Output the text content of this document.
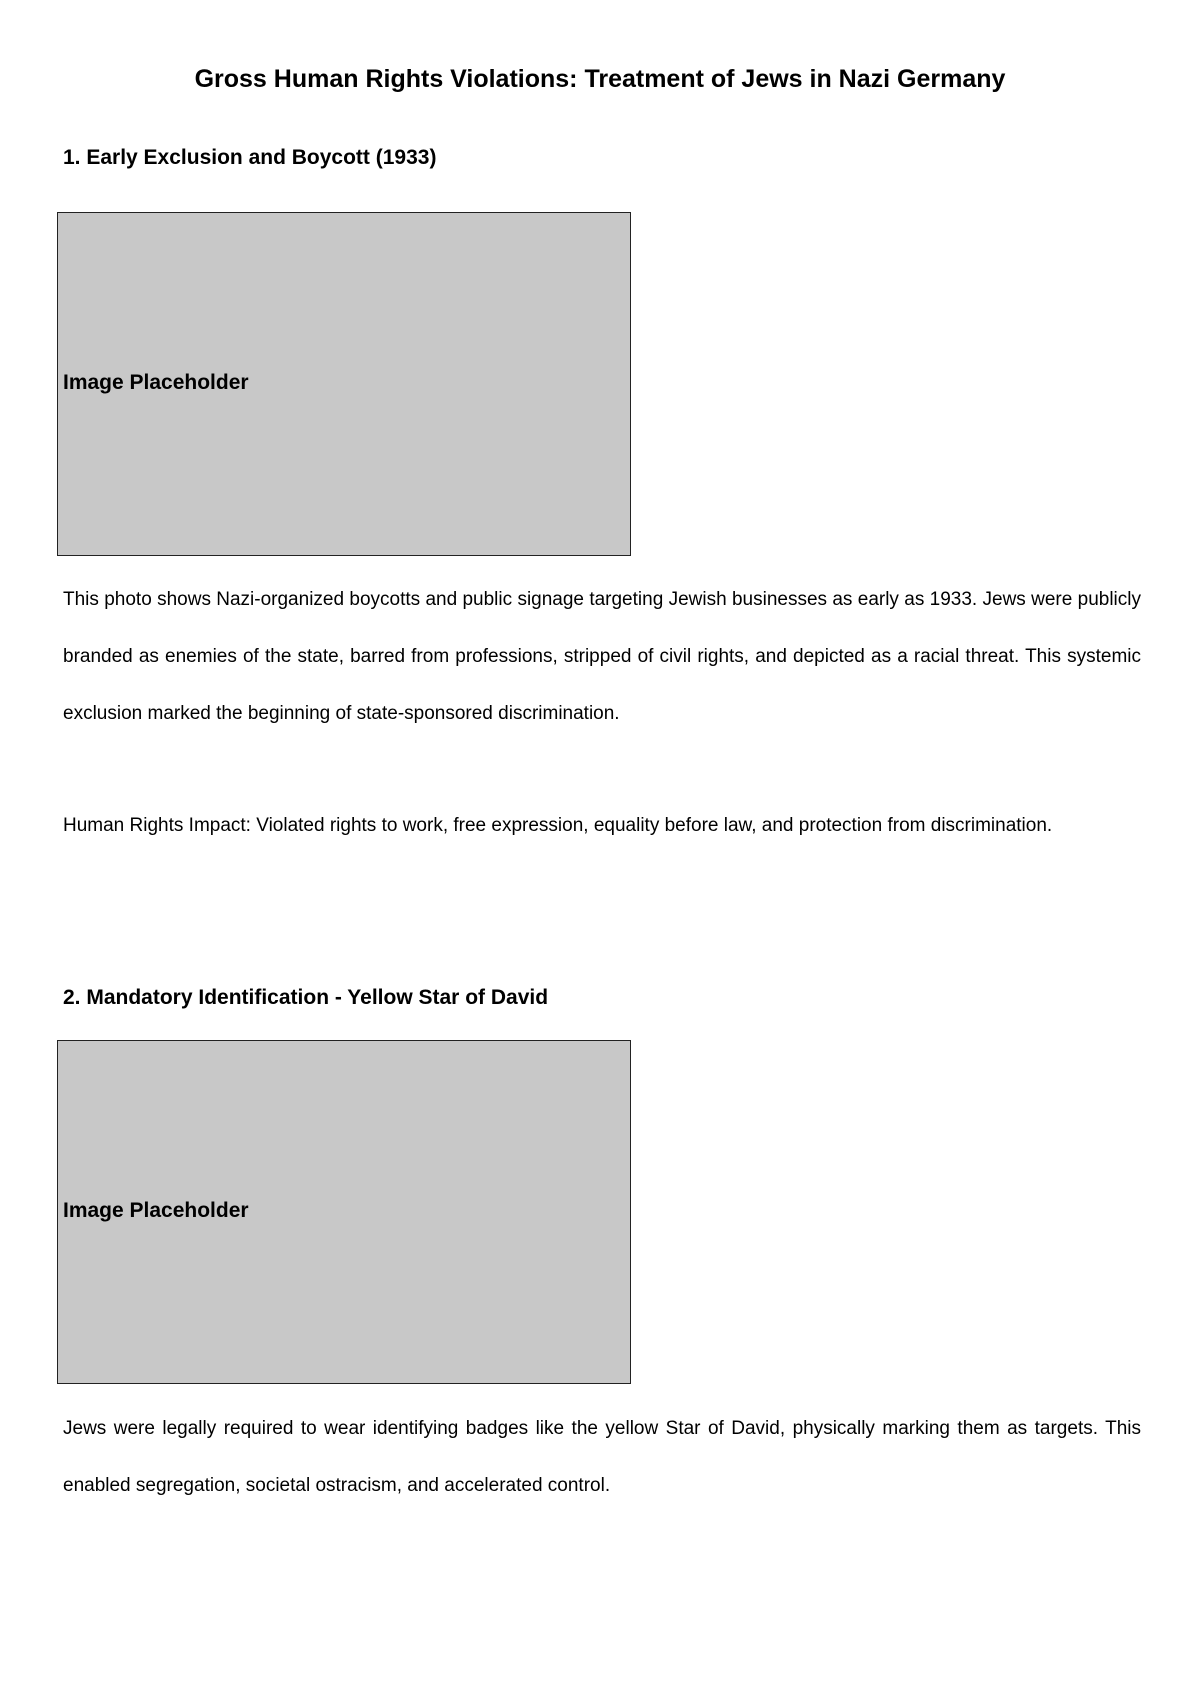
Gross Human Rights Violations: Treatment of Jews in Nazi Germany
1. Early Exclusion and Boycott (1933)
Image Placeholder

This photo shows Nazi-organized boycotts and public signage targeting Jewish businesses as early as 1933. Jews were publicly branded as enemies of the state, barred from professions, stripped of civil rights, and depicted as a racial threat. This systemic exclusion marked the beginning of state-sponsored discrimination.

Human Rights Impact: Violated rights to work, free expression, equality before law, and protection from discrimination.

2. Mandatory Identification - Yellow Star of David
Image Placeholder

Jews were legally required to wear identifying badges like the yellow Star of David, physically marking them as targets. This enabled segregation, societal ostracism, and accelerated control.
